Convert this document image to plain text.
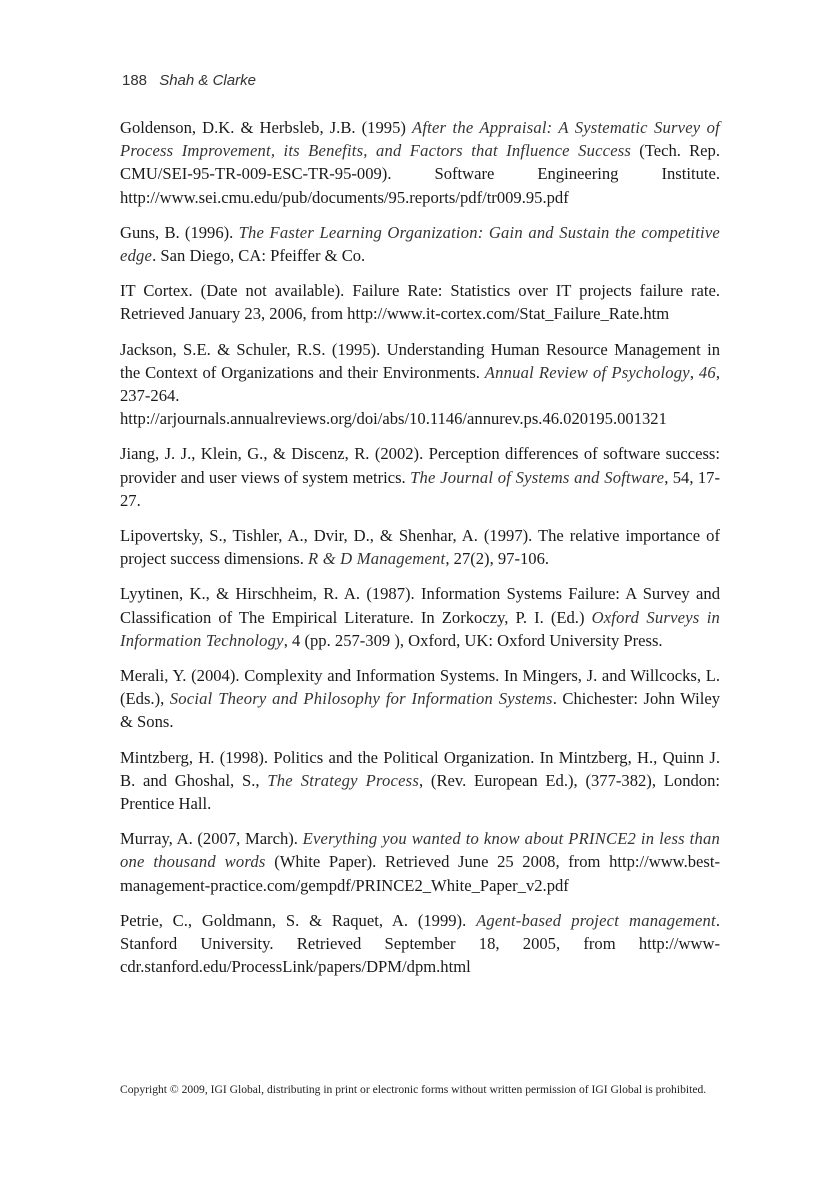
188 Shah & Clarke

Goldenson, D.K. & Herbsleb, J.B. (1995) After the Appraisal: A Systematic Survey of Process Improvement, its Benefits, and Factors that Influence Success (Tech. Rep. CMU/SEI-95-TR-009-ESC-TR-95-009). Software Engineering Institute. http://www.sei.cmu.edu/pub/documents/95.reports/pdf/tr009.95.pdf

Guns, B. (1996). The Faster Learning Organization: Gain and Sustain the competitive edge. San Diego, CA: Pfeiffer & Co.

IT Cortex. (Date not available). Failure Rate: Statistics over IT projects failure rate. Retrieved January 23, 2006, from http://www.it-cortex.com/Stat_Failure_Rate.htm

Jackson, S.E. & Schuler, R.S. (1995). Understanding Human Resource Management in the Context of Organizations and their Environments. Annual Review of Psychology, 46, 237-264. http://arjournals.annualreviews.org/doi/abs/10.1146/annurev.ps.46.020195.001321

Jiang, J. J., Klein, G., & Discenz, R. (2002). Perception differences of software success: provider and user views of system metrics. The Journal of Systems and Software, 54, 17-27.

Lipovertsky, S., Tishler, A., Dvir, D., & Shenhar, A. (1997). The relative importance of project success dimensions. R & D Management, 27(2), 97-106.

Lyytinen, K., & Hirschheim, R. A. (1987). Information Systems Failure: A Survey and Classification of The Empirical Literature. In Zorkoczy, P. I. (Ed.) Oxford Surveys in Information Technology, 4 (pp. 257-309 ), Oxford, UK: Oxford University Press.

Merali, Y. (2004). Complexity and Information Systems. In Mingers, J. and Willcocks, L. (Eds.), Social Theory and Philosophy for Information Systems. Chichester: John Wiley & Sons.

Mintzberg, H. (1998). Politics and the Political Organization. In Mintzberg, H., Quinn J. B. and Ghoshal, S., The Strategy Process, (Rev. European Ed.), (377-382), London: Prentice Hall.

Murray, A. (2007, March). Everything you wanted to know about PRINCE2 in less than one thousand words (White Paper). Retrieved June 25 2008, from http://www.best-management-practice.com/gempdf/PRINCE2_White_Paper_v2.pdf

Petrie, C., Goldmann, S. & Raquet, A. (1999). Agent-based project management. Stanford University. Retrieved September 18, 2005, from http://www-cdr.stanford.edu/ProcessLink/papers/DPM/dpm.html

Copyright © 2009, IGI Global, distributing in print or electronic forms without written permission of IGI Global is prohibited.
